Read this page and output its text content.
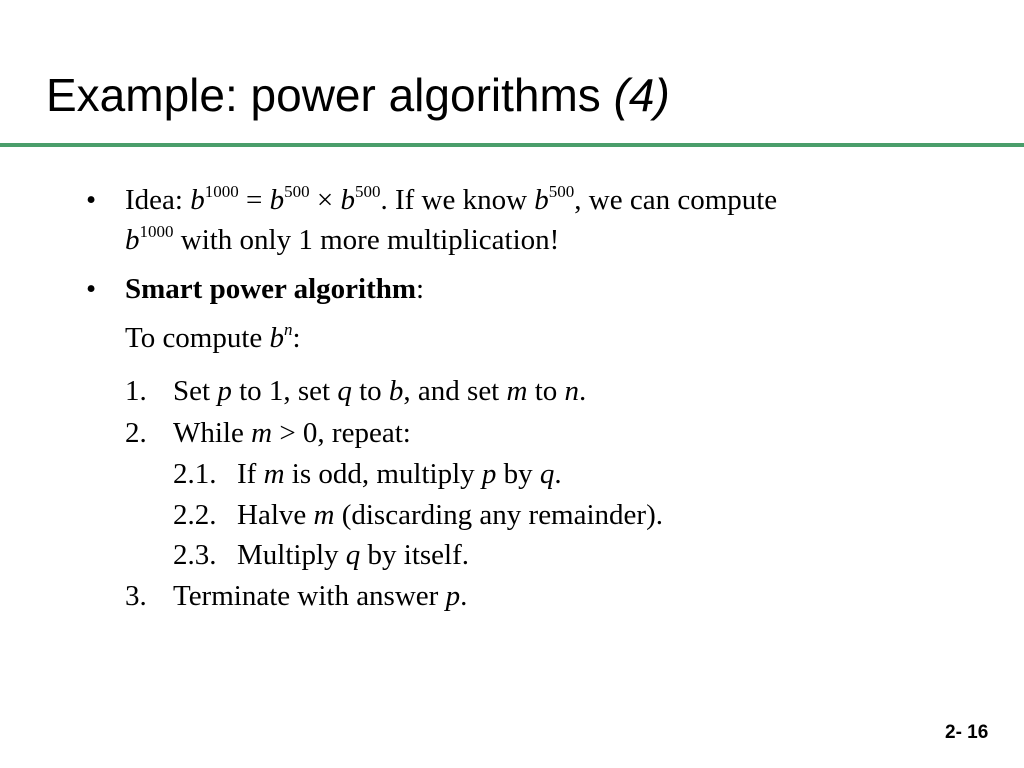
Example: power algorithms (4)
• Idea: $b^{1000} = b^{500} \times b^{500}$. If we know $b^{500}$, we can compute
$b^{1000}$ with only 1 more multiplication!
• Smart power algorithm:
To compute $b^n$:
1. Set p to 1, set q to b, and set m to n.
2. While m > 0, repeat:
2.1. If m is odd, multiply p by q.
2.2. Halve m (discarding any remainder).
2.3. Multiply q by itself.
3. Terminate with answer p.
2- 16
